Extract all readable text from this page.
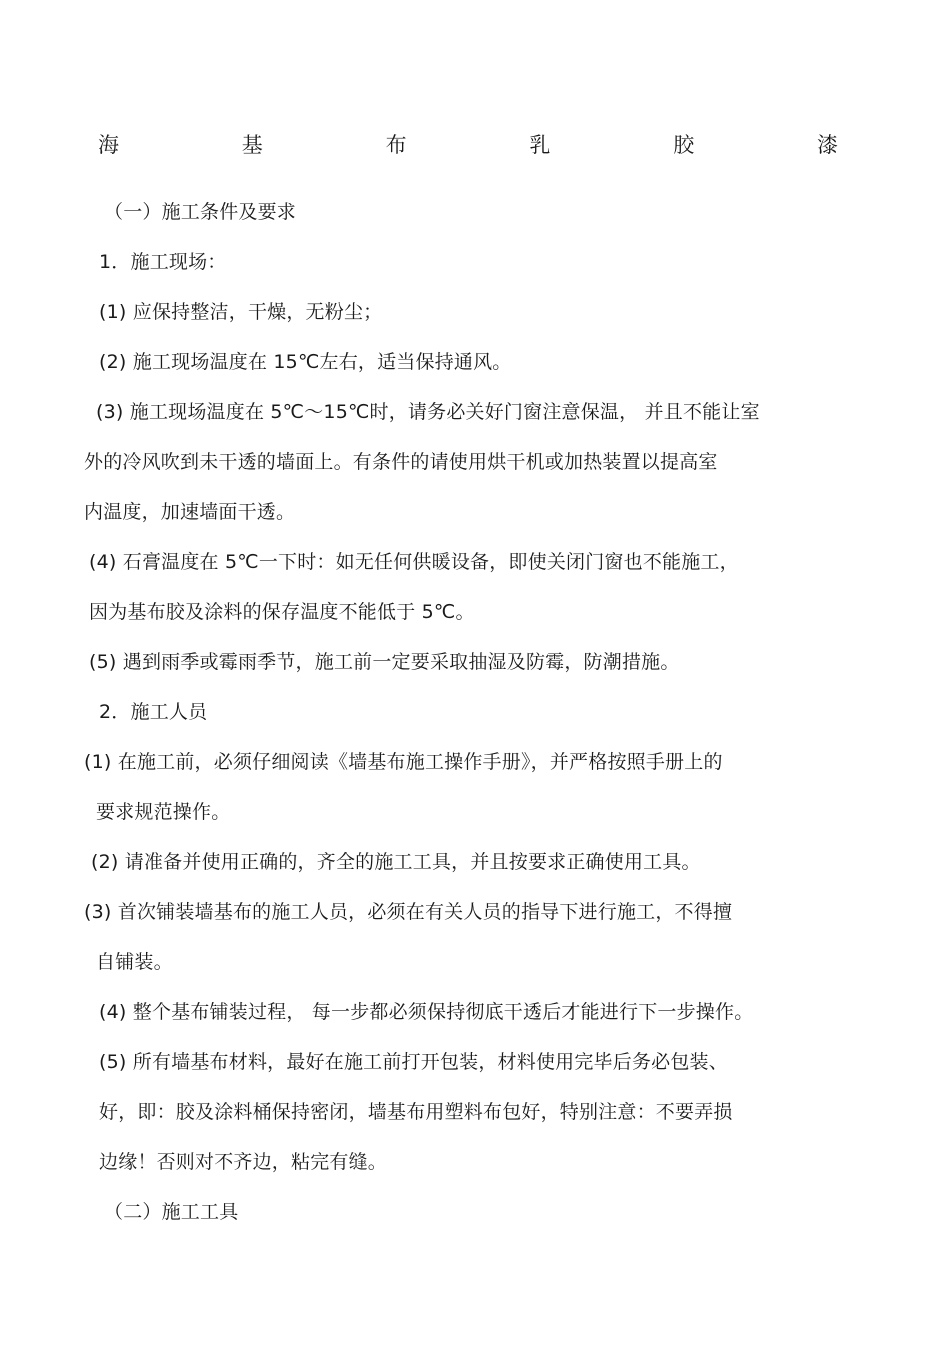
海	基	布	乳	胶	漆
（一）施工条件及要求
1．施工现场：
(1) 应保持整洁，干燥，无粉尘；
(2) 施工现场温度在 15℃左右，适当保持通风。
(3) 施工现场温度在 5℃～15℃时，请务必关好门窗注意保温， 并且不能让室
外的冷风吹到未干透的墙面上。有条件的请使用烘干机或加热装置以提高室
内温度，加速墙面干透。
(4) 石膏温度在 5℃一下时：如无任何供暖设备，即使关闭门窗也不能施工，
因为基布胶及涂料的保存温度不能低于 5℃。
(5) 遇到雨季或霉雨季节，施工前一定要采取抽湿及防霉，防潮措施。
2．施工人员
(1) 在施工前，必须仔细阅读《墙基布施工操作手册》，并严格按照手册上的
要求规范操作。
(2) 请准备并使用正确的，齐全的施工工具，并且按要求正确使用工具。
(3) 首次铺装墙基布的施工人员，必须在有关人员的指导下进行施工，不得擅
自铺装。
(4) 整个基布铺装过程， 每一步都必须保持彻底干透后才能进行下一步操作。
(5) 所有墙基布材料，最好在施工前打开包装，材料使用完毕后务必包装、
好，即：胶及涂料桶保持密闭，墙基布用塑料布包好，特别注意：不要弄损
边缘！否则对不齐边，粘完有缝。
（二）施工工具
